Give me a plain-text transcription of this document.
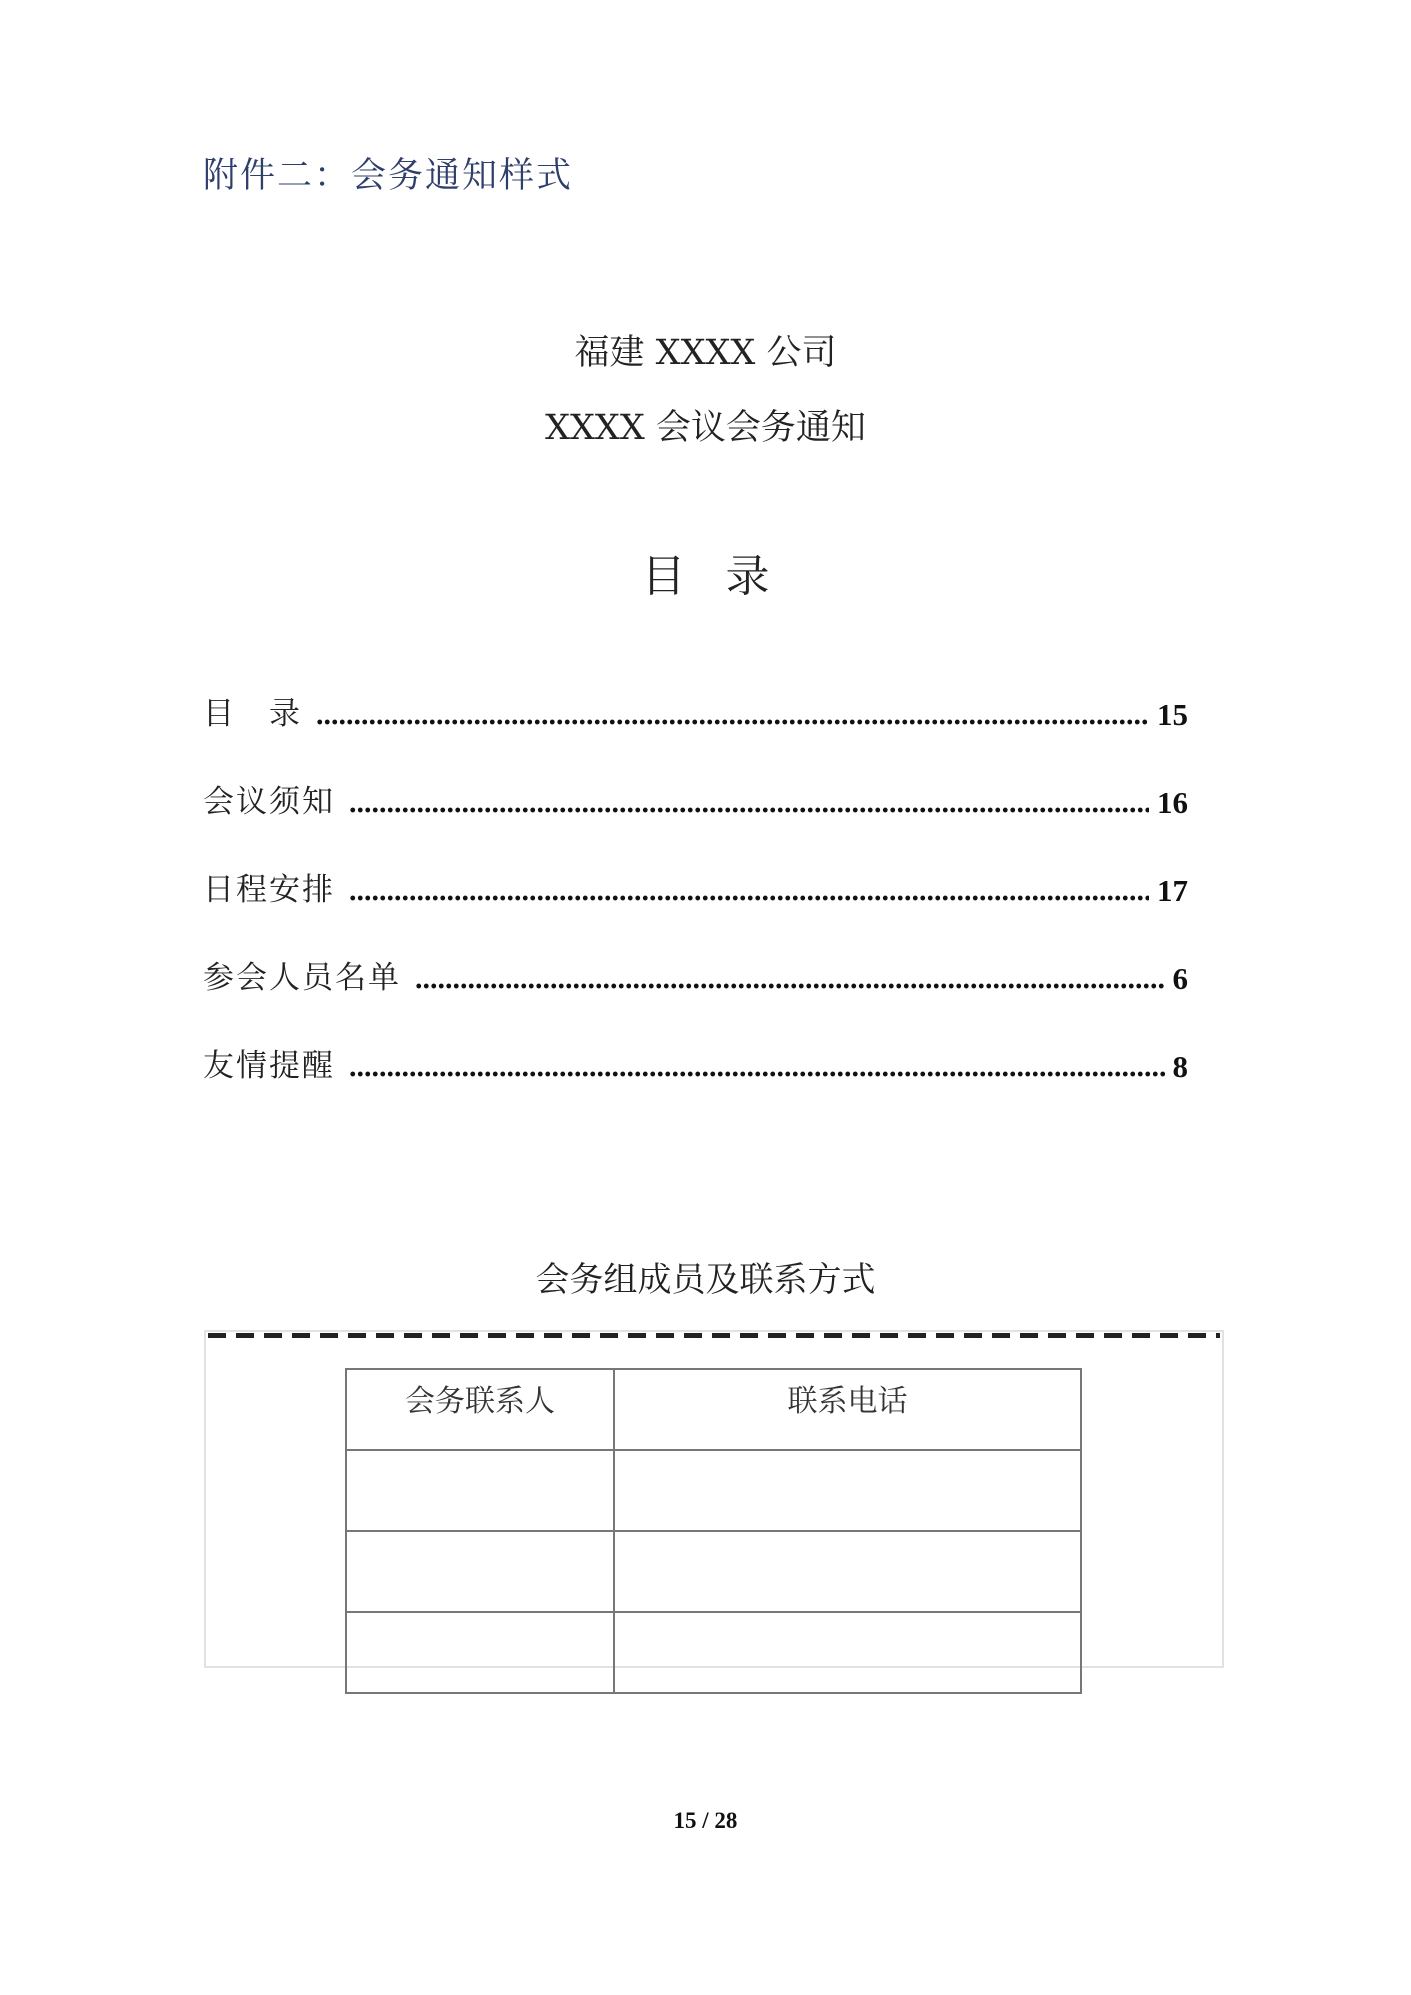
附件二：会务通知样式
福建 XXXX 公司
XXXX 会议会务通知
目录
目　录	15
会议须知	16
日程安排	17
参会人员名单	6
友情提醒	8
会务组成员及联系方式
会务联系人	联系电话

15 / 28
